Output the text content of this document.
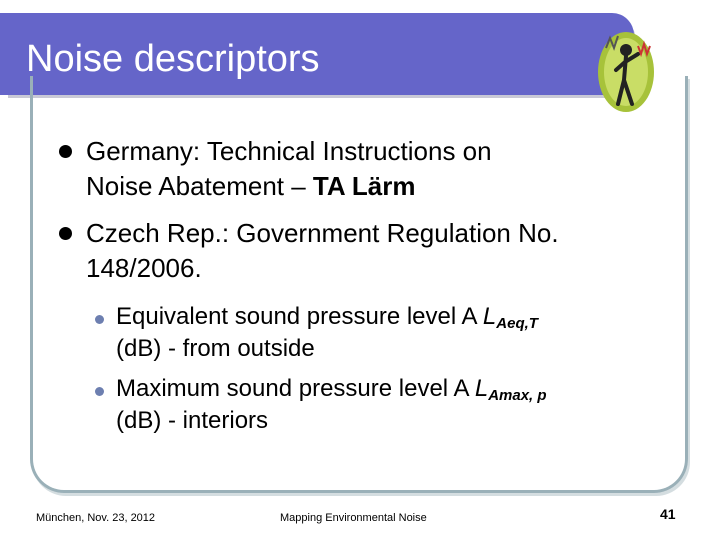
Noise descriptors
Germany: Technical Instructions on
Noise Abatement – TA Lärm
Czech Rep.: Government Regulation No.
148/2006.
Equivalent sound pressure level A LAeq,T
(dB) - from outside
Maximum sound pressure level A LAmax, p
(dB) - interiors
München, Nov. 23, 2012	Mapping Environmental Noise	41
